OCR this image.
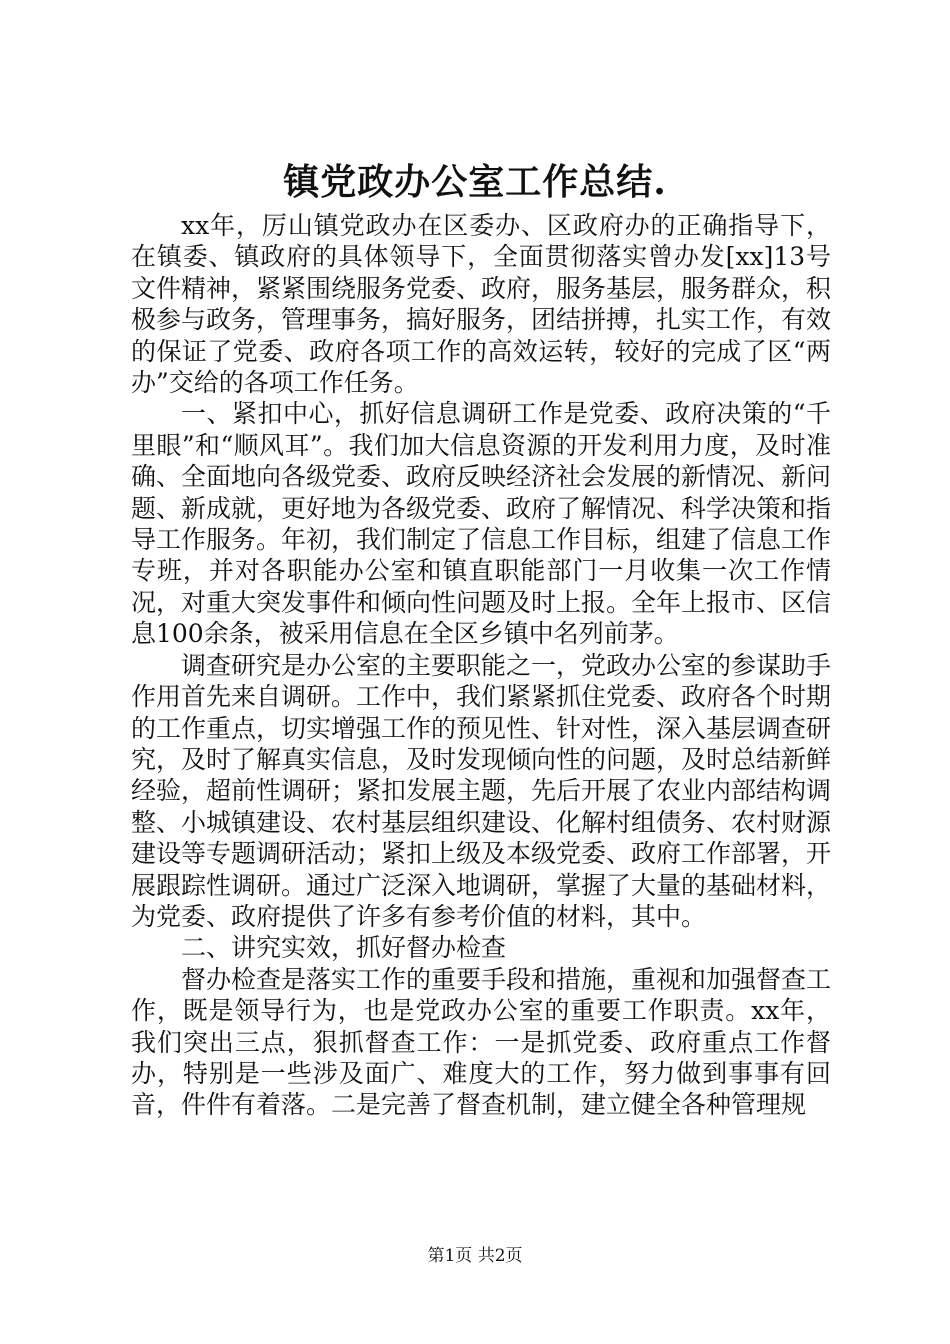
镇党政办公室工作总结.

xx年，厉山镇党政办在区委办、区政府办的正确指导下，在镇委、镇政府的具体领导下，全面贯彻落实曾办发[xx]13号文件精神，紧紧围绕服务党委、政府，服务基层，服务群众，积极参与政务，管理事务，搞好服务，团结拼搏，扎实工作，有效的保证了党委、政府各项工作的高效运转，较好的完成了区“两办”交给的各项工作任务。

一、紧扣中心，抓好信息调研工作是党委、政府决策的“千里眼”和“顺风耳”。我们加大信息资源的开发利用力度，及时准确、全面地向各级党委、政府反映经济社会发展的新情况、新问题、新成就，更好地为各级党委、政府了解情况、科学决策和指导工作服务。年初，我们制定了信息工作目标，组建了信息工作专班，并对各职能办公室和镇直职能部门一月收集一次工作情况，对重大突发事件和倾向性问题及时上报。全年上报市、区信息100余条，被采用信息在全区乡镇中名列前茅。

调查研究是办公室的主要职能之一，党政办公室的参谋助手作用首先来自调研。工作中，我们紧紧抓住党委、政府各个时期的工作重点，切实增强工作的预见性、针对性，深入基层调查研究，及时了解真实信息，及时发现倾向性的问题，及时总结新鲜经验，超前性调研；紧扣发展主题，先后开展了农业内部结构调整、小城镇建设、农村基层组织建设、化解村组债务、农村财源建设等专题调研活动；紧扣上级及本级党委、政府工作部署，开展跟踪性调研。通过广泛深入地调研，掌握了大量的基础材料，为党委、政府提供了许多有参考价值的材料，其中。

二、讲究实效，抓好督办检查

督办检查是落实工作的重要手段和措施，重视和加强督查工作，既是领导行为，也是党政办公室的重要工作职责。xx年，我们突出三点，狠抓督查工作：一是抓党委、政府重点工作督办，特别是一些涉及面广、难度大的工作，努力做到事事有回音，件件有着落。二是完善了督查机制，建立健全各种管理规

第1页 共2页
